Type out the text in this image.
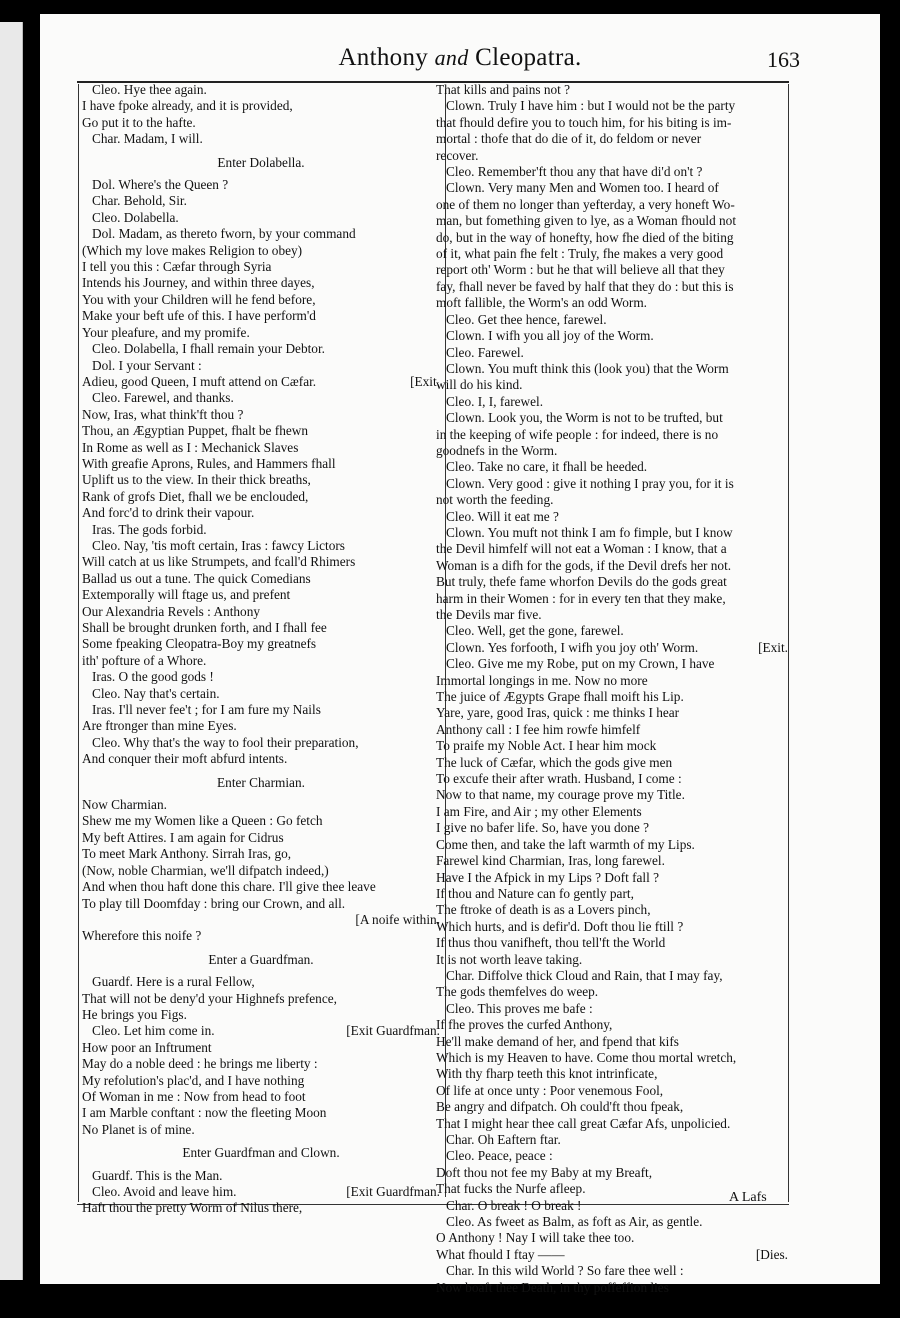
Anthony and Cleopatra.	163
Cleo. Hye thee again.
I have fpoke already, and it is provided,
Go put it to the hafte.
Char. Madam, I will.
Enter Dolabella.
Dol. Where's the Queen ?
Char. Behold, Sir.
Cleo. Dolabella.
Dol. Madam, as thereto fworn, by your command
(Which my love makes Religion to obey)
I tell you this : Cæfar through Syria
Intends his Journey, and within three dayes,
You with your Children will he fend before,
Make your beft ufe of this. I have perform'd
Your pleafure, and my promife.
Cleo. Dolabella, I fhall remain your Debtor.
Dol. I your Servant :
Adieu, good Queen, I muft attend on Cæfar.	[Exit.
Cleo. Farewel, and thanks.
Now, Iras, what think'ft thou ?
Thou, an Ægyptian Puppet, fhalt be fhewn
In Rome as well as I : Mechanick Slaves
With greafie Aprons, Rules, and Hammers fhall
Uplift us to the view. In their thick breaths,
Rank of grofs Diet, fhall we be enclouded,
And forc'd to drink their vapour.
Iras. The gods forbid.
Cleo. Nay, 'tis moft certain, Iras : fawcy Lictors
Will catch at us like Strumpets, and fcall'd Rhimers
Ballad us out a tune. The quick Comedians
Extemporally will ftage us, and prefent
Our Alexandria Revels : Anthony
Shall be brought drunken forth, and I fhall fee
Some fpeaking Cleopatra-Boy my greatnefs
ith' pofture of a Whore.
Iras. O the good gods !
Cleo. Nay that's certain.
Iras. I'll never fee't ; for I am fure my Nails
Are ftronger than mine Eyes.
Cleo. Why that's the way to fool their preparation,
And conquer their moft abfurd intents.
Enter Charmian.
Now Charmian.
Shew me my Women like a Queen : Go fetch
My beft Attires. I am again for Cidrus
To meet Mark Anthony. Sirrah Iras, go,
(Now, noble Charmian, we'll difpatch indeed,)
And when thou haft done this chare. I'll give thee leave
To play till Doomfday : bring our Crown, and all.
[A noife within.
Wherefore this noife ?
Enter a Guardfman.
Guardf. Here is a rural Fellow,
That will not be deny'd your Highnefs prefence,
He brings you Figs.
Cleo. Let him come in.	[Exit Guardfman.
How poor an Inftrument
May do a noble deed : he brings me liberty :
My refolution's plac'd, and I have nothing
Of Woman in me : Now from head to foot
I am Marble conftant : now the fleeting Moon
No Planet is of mine.
Enter Guardfman and Clown.
Guardf. This is the Man.
Cleo. Avoid and leave him.	[Exit Guardfman.
Haft thou the pretty Worm of Nilus there,
That kills and pains not ?
Clown. Truly I have him : but I would not be the party
that fhould defire you to touch him, for his biting is im-
mortal : thofe that do die of it, do feldom or never
recover.
Cleo. Remember'ft thou any that have di'd on't ?
Clown. Very many Men and Women too. I heard of
one of them no longer than yefterday, a very honeft Wo-
man, but fomething given to lye, as a Woman fhould not
do, but in the way of honefty, how fhe died of the biting
of it, what pain fhe felt : Truly, fhe makes a very good
report oth' Worm : but he that will believe all that they
fay, fhall never be faved by half that they do : but this is
moft fallible, the Worm's an odd Worm.
Cleo. Get thee hence, farewel.
Clown. I wifh you all joy of the Worm.
Cleo. Farewel.
Clown. You muft think this (look you) that the Worm
will do his kind.
Cleo. I, I, farewel.
Clown. Look you, the Worm is not to be trufted, but
in the keeping of wife people : for indeed, there is no
goodnefs in the Worm.
Cleo. Take no care, it fhall be heeded.
Clown. Very good : give it nothing I pray you, for it is
not worth the feeding.
Cleo. Will it eat me ?
Clown. You muft not think I am fo fimple, but I know
the Devil himfelf will not eat a Woman : I know, that a
Woman is a difh for the gods, if the Devil drefs her not.
But truly, thefe fame whorfon Devils do the gods great
harm in their Women : for in every ten that they make,
the Devils mar five.
Cleo. Well, get the gone, farewel.
Clown. Yes forfooth, I wifh you joy oth' Worm.	[Exit.
Cleo. Give me my Robe, put on my Crown, I have
Immortal longings in me. Now no more
The juice of Ægypts Grape fhall moift his Lip.
Yare, yare, good Iras, quick : me thinks I hear
Anthony call : I fee him rowfe himfelf
To praife my Noble Act. I hear him mock
The luck of Cæfar, which the gods give men
To excufe their after wrath. Husband, I come :
Now to that name, my courage prove my Title.
I am Fire, and Air ; my other Elements
I give no bafer life. So, have you done ?
Come then, and take the laft warmth of my Lips.
Farewel kind Charmian, Iras, long farewel.
Have I the Afpick in my Lips ? Doft fall ?
If thou and Nature can fo gently part,
The ftroke of death is as a Lovers pinch,
Which hurts, and is defir'd. Doft thou lie ftill ?
If thus thou vanifheft, thou tell'ft the World
It is not worth leave taking.
Char. Diffolve thick Cloud and Rain, that I may fay,
The gods themfelves do weep.
Cleo. This proves me bafe :
If fhe proves the curfed Anthony,
He'll make demand of her, and fpend that kifs
Which is my Heaven to have. Come thou mortal wretch,
With thy fharp teeth this knot intrinficate,
Of life at once unty : Poor venemous Fool,
Be angry and difpatch. Oh could'ft thou fpeak,
That I might hear thee call great Cæfar Afs, unpolicied.
Char. Oh Eaftern ftar.
Cleo. Peace, peace :
Doft thou not fee my Baby at my Breaft,
That fucks the Nurfe afleep.
Char. O break ! O break !
Cleo. As fweet as Balm, as foft as Air, as gentle.
O Anthony ! Nay I will take thee too.
What fhould I ftay ——	[Dies.
Char. In this wild World ? So fare thee well :
Now boaft thee Death, in thy poffeffion lies
A Lafs
